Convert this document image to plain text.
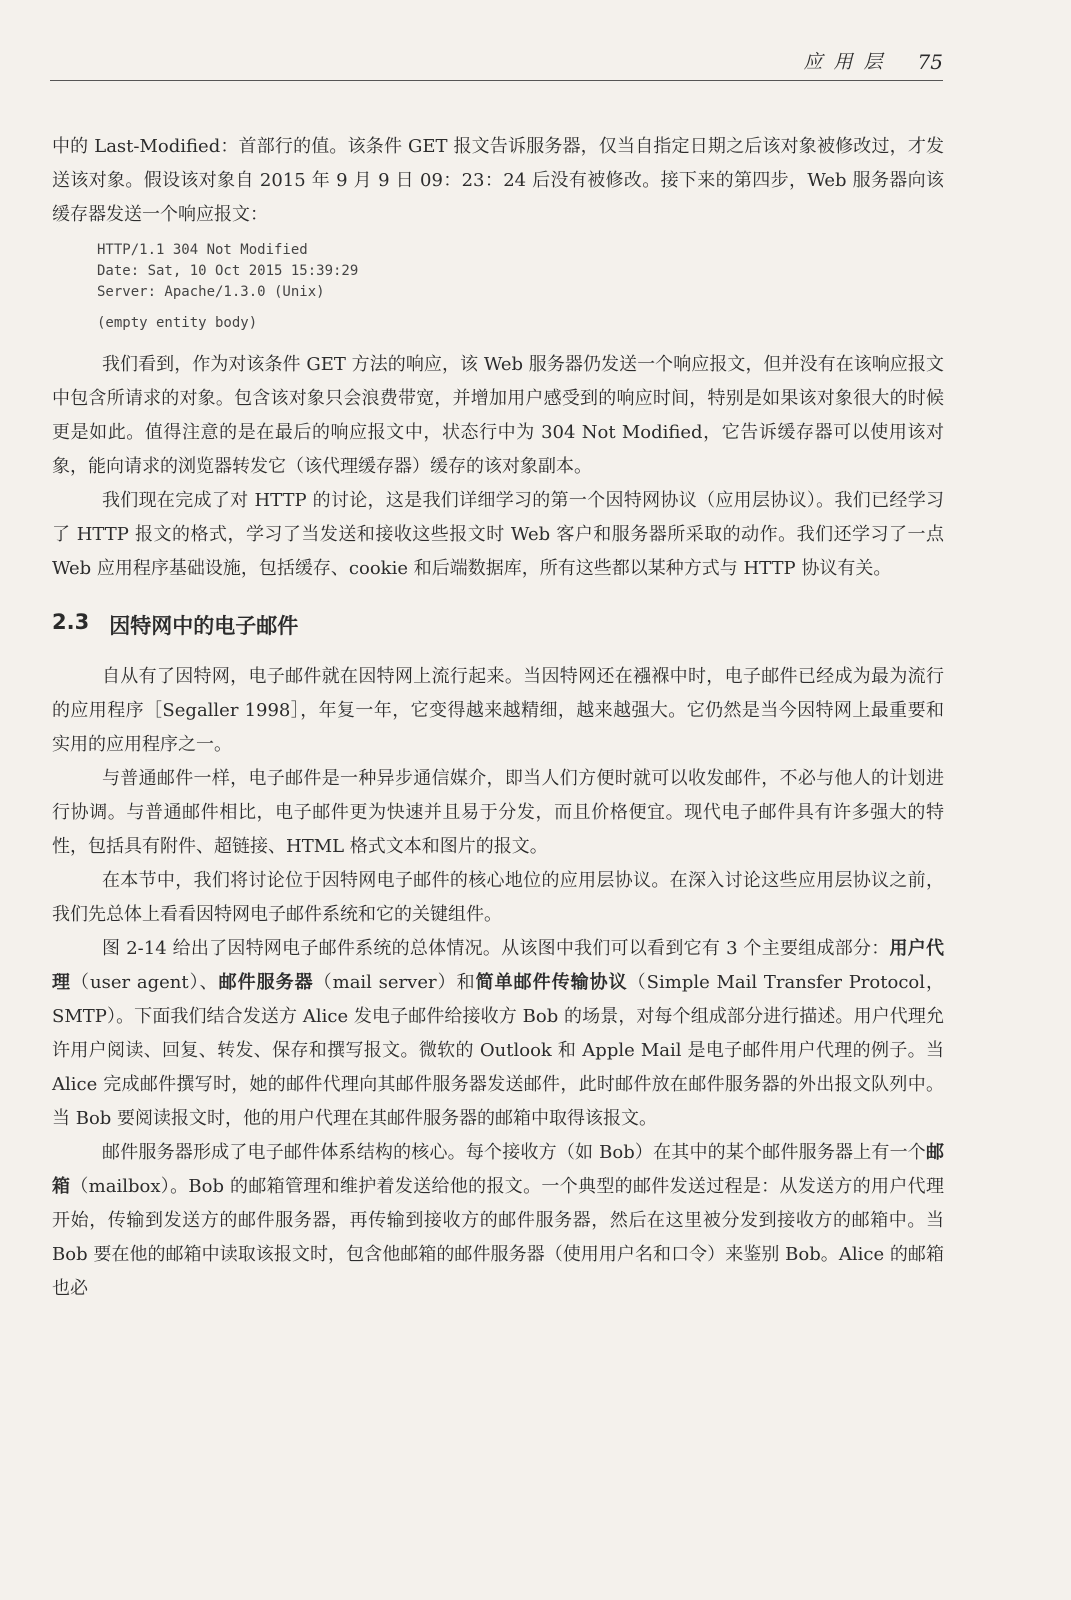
应用层 75

中的 Last-Modified：首部行的值。该条件 GET 报文告诉服务器，仅当自指定日期之后该对象被修改过，才发送该对象。假设该对象自 2015 年 9 月 9 日 09：23：24 后没有被修改。接下来的第四步，Web 服务器向该缓存器发送一个响应报文：

HTTP/1.1 304 Not Modified
Date: Sat, 10 Oct 2015 15:39:29
Server: Apache/1.3.0 (Unix)
(empty entity body)

我们看到，作为对该条件 GET 方法的响应，该 Web 服务器仍发送一个响应报文，但并没有在该响应报文中包含所请求的对象。包含该对象只会浪费带宽，并增加用户感受到的响应时间，特别是如果该对象很大的时候更是如此。值得注意的是在最后的响应报文中，状态行中为 304 Not Modified，它告诉缓存器可以使用该对象，能向请求的浏览器转发它（该代理缓存器）缓存的该对象副本。

我们现在完成了对 HTTP 的讨论，这是我们详细学习的第一个因特网协议（应用层协议）。我们已经学习了 HTTP 报文的格式，学习了当发送和接收这些报文时 Web 客户和服务器所采取的动作。我们还学习了一点 Web 应用程序基础设施，包括缓存、cookie 和后端数据库，所有这些都以某种方式与 HTTP 协议有关。

2.3 因特网中的电子邮件

自从有了因特网，电子邮件就在因特网上流行起来。当因特网还在襁褓中时，电子邮件已经成为最为流行的应用程序［Segaller 1998］，年复一年，它变得越来越精细，越来越强大。它仍然是当今因特网上最重要和实用的应用程序之一。

与普通邮件一样，电子邮件是一种异步通信媒介，即当人们方便时就可以收发邮件，不必与他人的计划进行协调。与普通邮件相比，电子邮件更为快速并且易于分发，而且价格便宜。现代电子邮件具有许多强大的特性，包括具有附件、超链接、HTML 格式文本和图片的报文。

在本节中，我们将讨论位于因特网电子邮件的核心地位的应用层协议。在深入讨论这些应用层协议之前，我们先总体上看看因特网电子邮件系统和它的关键组件。

图 2-14 给出了因特网电子邮件系统的总体情况。从该图中我们可以看到它有 3 个主要组成部分：用户代理（user agent）、邮件服务器（mail server）和简单邮件传输协议（Simple Mail Transfer Protocol，SMTP）。下面我们结合发送方 Alice 发电子邮件给接收方 Bob 的场景，对每个组成部分进行描述。用户代理允许用户阅读、回复、转发、保存和撰写报文。微软的 Outlook 和 Apple Mail 是电子邮件用户代理的例子。当 Alice 完成邮件撰写时，她的邮件代理向其邮件服务器发送邮件，此时邮件放在邮件服务器的外出报文队列中。当 Bob 要阅读报文时，他的用户代理在其邮件服务器的邮箱中取得该报文。

邮件服务器形成了电子邮件体系结构的核心。每个接收方（如 Bob）在其中的某个邮件服务器上有一个邮箱（mailbox）。Bob 的邮箱管理和维护着发送给他的报文。一个典型的邮件发送过程是：从发送方的用户代理开始，传输到发送方的邮件服务器，再传输到接收方的邮件服务器，然后在这里被分发到接收方的邮箱中。当 Bob 要在他的邮箱中读取该报文时，包含他邮箱的邮件服务器（使用用户名和口令）来鉴别 Bob。Alice 的邮箱也必
